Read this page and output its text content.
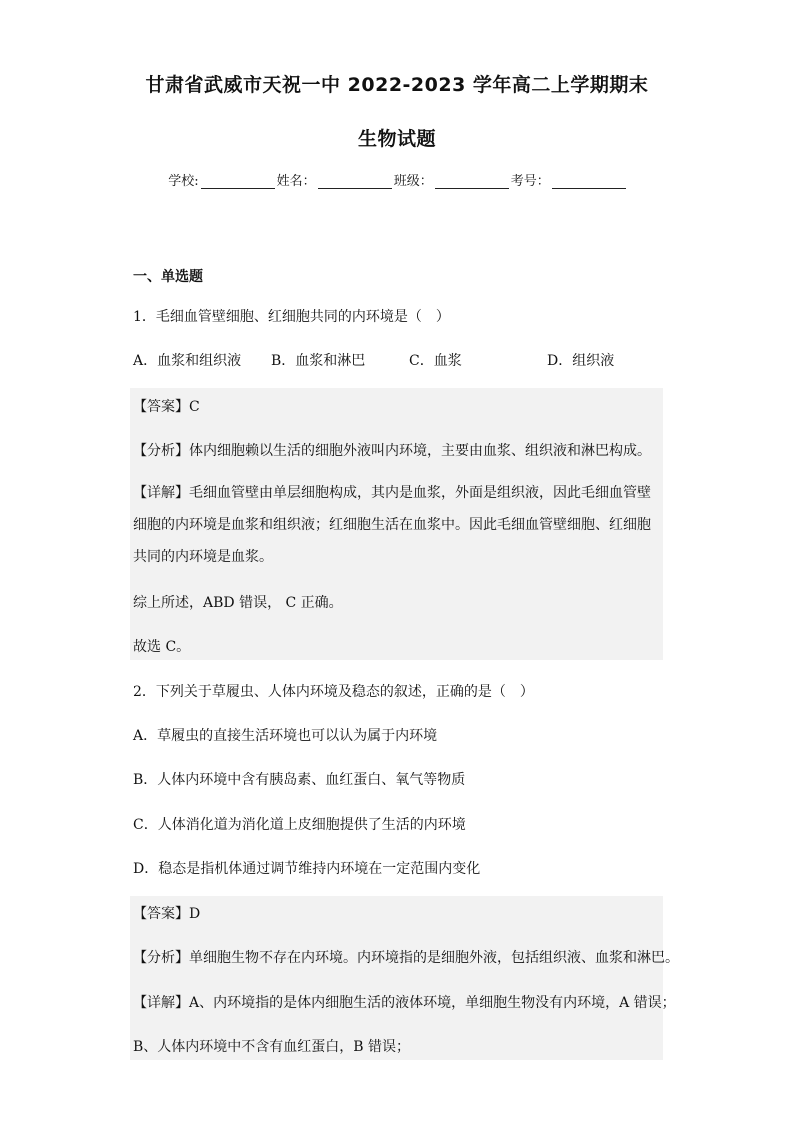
甘肃省武威市天祝一中 2022-2023 学年高二上学期期末
生物试题
学校:	姓名：	班级：	考号：
一、单选题
1．毛细血管壁细胞、红细胞共同的内环境是（　）
A．血浆和组织液 B．血浆和淋巴	C．血浆	D．组织液
【答案】C
【分析】体内细胞赖以生活的细胞外液叫内环境，主要由血浆、组织液和淋巴构成。
【详解】毛细血管壁由单层细胞构成，其内是血浆，外面是组织液，因此毛细血管壁细胞的内环境是血浆和组织液；红细胞生活在血浆中。因此毛细血管壁细胞、红细胞共同的内环境是血浆。
综上所述，ABD 错误， C 正确。
故选 C。
2．下列关于草履虫、人体内环境及稳态的叙述，正确的是（　）
A．草履虫的直接生活环境也可以认为属于内环境
B．人体内环境中含有胰岛素、血红蛋白、氧气等物质
C．人体消化道为消化道上皮细胞提供了生活的内环境
D．稳态是指机体通过调节维持内环境在一定范围内变化
【答案】D
【分析】单细胞生物不存在内环境。内环境指的是细胞外液，包括组织液、血浆和淋巴。
【详解】A、内环境指的是体内细胞生活的液体环境，单细胞生物没有内环境，A 错误；
B、人体内环境中不含有血红蛋白，B 错误；
